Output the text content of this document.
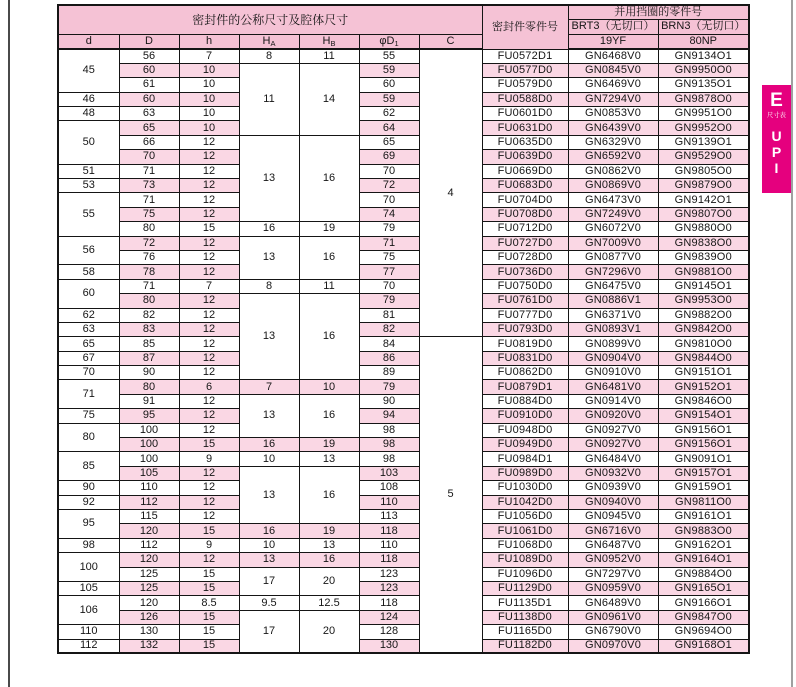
密封件的公称尺寸及腔体尺寸							密封件零件号	并用挡圈的零件号	
								BRT3（无切口）	BRN3（无切口）
d	D	h	$H_A$	$H_B$	$\varphi D_1$	C		19YF	80NP
45	56	7	8	11	55	4	FU0572D1	GN6468V0	GN9134O1
	60	10	11	14	59		FU0577D0	GN0845V0	GN9950O0
	61	10			60		FU0579D0	GN6469V0	GN9135O1
46	60	10			59		FU0588D0	GN7294V0	GN9878O0
48	63	10			62		FU0601D0	GN0853V0	GN9951O0
50	65	10			64		FU0631D0	GN6439V0	GN9952O0
	66	12	13	16	65		FU0635D0	GN6329V0	GN9139O1
	70	12			69		FU0639D0	GN6592V0	GN9529O0
51	71	12			70		FU0669D0	GN0862V0	GN9805O0
53	73	12			72		FU0683D0	GN0869V0	GN9879O0
55	71	12			70		FU0704D0	GN6473V0	GN9142O1
	75	12			74		FU0708D0	GN7249V0	GN9807O0
	80	15	16	19	79		FU0712D0	GN6072V0	GN9880O0
56	72	12	13	16	71		FU0727D0	GN7009V0	GN9838O0
	76	12			75		FU0728D0	GN0877V0	GN9839O0
58	78	12			77		FU0736D0	GN7296V0	GN9881O0
60	71	7	8	11	70		FU0750D0	GN6475V0	GN9145O1
	80	12	13	16	79		FU0761D0	GN0886V1	GN9953O0
62	82	12			81		FU0777D0	GN6371V0	GN9882O0
63	83	12			82		FU0793D0	GN0893V1	GN9842O0
65	85	12			84	5	FU0819D0	GN0899V0	GN9810O0
67	87	12			86		FU0831D0	GN0904V0	GN9844O0
70	90	12			89		FU0862D0	GN0910V0	GN9151O1
71	80	6	7	10	79		FU0879D1	GN6481V0	GN9152O1
	91	12	13	16	90		FU0884D0	GN0914V0	GN9846O0
75	95	12			94		FU0910D0	GN0920V0	GN9154O1
80	100	12			98		FU0948D0	GN0927V0	GN9156O1
	100	15	16	19	98		FU0949D0	GN0927V0	GN9156O1
85	100	9	10	13	98		FU0984D1	GN6484V0	GN9091O1
	105	12	13	16	103		FU0989D0	GN0932V0	GN9157O1
90	110	12			108		FU1030D0	GN0939V0	GN9159O1
92	112	12			110		FU1042D0	GN0940V0	GN9811O0
95	115	12			113		FU1056D0	GN0945V0	GN9161O1
	120	15	16	19	118		FU1061D0	GN6716V0	GN9883O0
98	112	9	10	13	110		FU1068D0	GN6487V0	GN9162O1
100	120	12	13	16	118		FU1089D0	GN0952V0	GN9164O1
	125	15	17	20	123		FU1096D0	GN7297V0	GN9884O0
105	125	15			123		FU1129D0	GN0959V0	GN9165O1
106	120	8.5	9.5	12.5	118		FU1135D1	GN6489V0	GN9166O1
	126	15	17	20	124		FU1138D0	GN0961V0	GN9847O0
110	130	15			128		FU1165D0	GN6790V0	GN9694O0
112	132	15			130		FU1182D0	GN0970V0	GN9168O1
E
尺寸表
U
P
I
